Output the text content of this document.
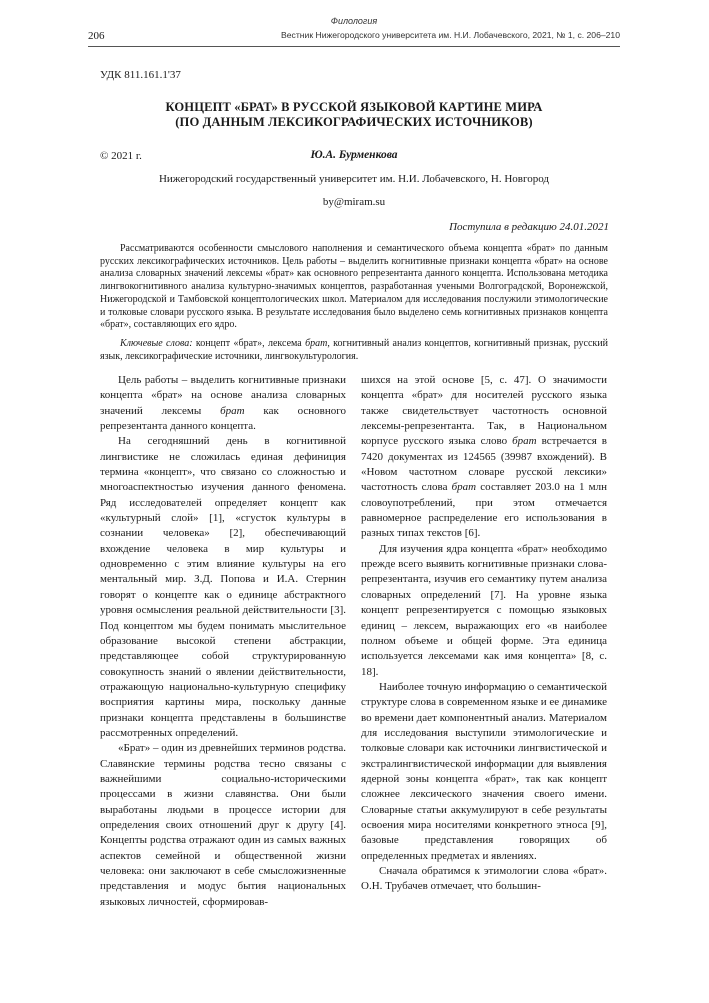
Филология
206	Вестник Нижегородского университета им. Н.И. Лобачевского, 2021, № 1, с. 206–210
УДК 811.161.1'37
КОНЦЕПТ «БРАТ» В РУССКОЙ ЯЗЫКОВОЙ КАРТИНЕ МИРА
(ПО ДАННЫМ ЛЕКСИКОГРАФИЧЕСКИХ ИСТОЧНИКОВ)
© 2021 г.	Ю.А. Бурменкова
Нижегородский государственный университет им. Н.И. Лобачевского, Н. Новгород
by@miram.su
Поступила в редакцию 24.01.2021
Рассматриваются особенности смыслового наполнения и семантического объема концепта «брат» по данным русских лексикографических источников. Цель работы – выделить когнитивные признаки концепта «брат» на основе анализа словарных значений лексемы «брат» как основного репрезентанта данного концепта. Использована методика лингвокогнитивного анализа культурно-значимых концептов, разработанная учеными Волгоградской, Воронежской, Нижегородской и Тамбовской концептологических школ. Материалом для исследования послужили этимологические и толковые словари русского языка. В результате исследования было выделено семь когнитивных признаков концепта «брат», составляющих его ядро.
Ключевые слова: концепт «брат», лексема брат, когнитивный анализ концептов, когнитивный признак, русский язык, лексикографические источники, лингвокультурология.

Цель работы – выделить когнитивные признаки концепта «брат» на основе анализа словарных значений лексемы брат как основного репрезентанта данного концепта.

На сегодняшний день в когнитивной лингвистике не сложилась единая дефиниция термина «концепт», что связано со сложностью и многоаспектностью изучения данного феномена. Ряд исследователей определяет концепт как «культурный слой» [1], «сгусток культуры в сознании человека» [2], обеспечивающий вхождение человека в мир культуры и одновременно с этим влияние культуры на его ментальный мир. З.Д. Попова и И.А. Стернин говорят о концепте как о единице абстрактного уровня осмысления реальной действительности [3]. Под концептом мы будем понимать мыслительное образование высокой степени абстракции, представляющее собой структурированную совокупность знаний о явлении действительности, отражающую национально-культурную специфику восприятия картины мира, поскольку данные признаки концепта представлены в большинстве рассмотренных определений.

«Брат» – один из древнейших терминов родства. Славянские термины родства тесно связаны с важнейшими социально-историческими процессами в жизни славянства. Они были выработаны людьми в процессе истории для определения своих отношений друг к другу [4]. Концепты родства отражают один из самых важных аспектов семейной и общественной жизни человека: они заключают в себе смысложизненные представления и модус бытия национальных языковых личностей, сформировав-

шихся на этой основе [5, с. 47]. О значимости концепта «брат» для носителей русского языка также свидетельствует частотность основной лексемы-репрезентанта. Так, в Национальном корпусе русского языка слово брат встречается в 7420 документах из 124565 (39987 вхождений). В «Новом частотном словаре русской лексики» частотность слова брат составляет 203.0 на 1 млн словоупотреблений, при этом отмечается равномерное распределение его использования в разных типах текстов [6].

Для изучения ядра концепта «брат» необходимо прежде всего выявить когнитивные признаки слова-репрезентанта, изучив его семантику путем анализа словарных определений [7]. На уровне языка концепт репрезентируется с помощью языковых единиц – лексем, выражающих его «в наиболее полном объеме и общей форме. Эта единица используется лексемами как имя концепта» [8, с. 18].

Наиболее точную информацию о семантической структуре слова в современном языке и ее динамике во времени дает компонентный анализ. Материалом для исследования выступили этимологические и толковые словари как источники лингвистической и экстралингвистической информации для выявления ядерной зоны концепта «брат», так как концепт сложнее лексического значения своего имени. Словарные статьи аккумулируют в себе результаты освоения мира носителями конкретного этноса [9], базовые представления говорящих об определенных предметах и явлениях.

Сначала обратимся к этимологии слова «брат». О.Н. Трубачев отмечает, что большин-
